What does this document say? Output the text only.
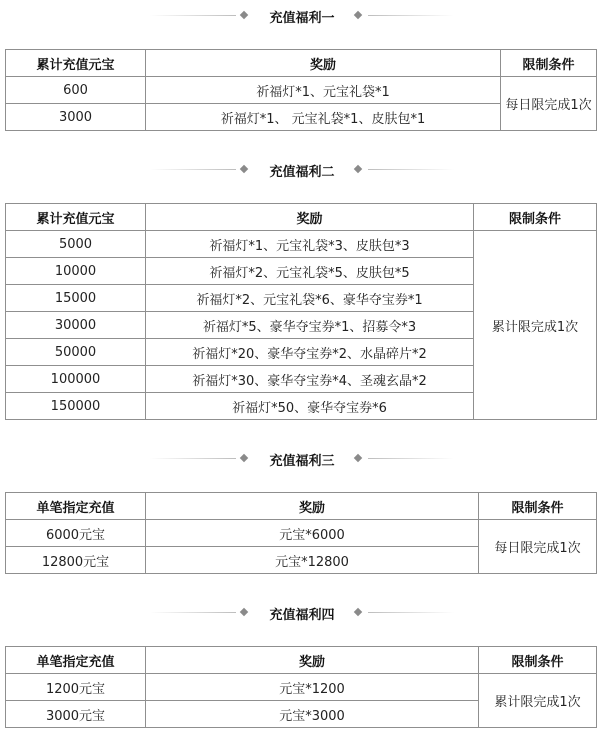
充值福利一
累计充值元宝	奖励	限制条件
600	祈福灯*1、元宝礼袋*1	每日限完成1次
3000	祈福灯*1、 元宝礼袋*1、皮肤包*1	
充值福利二
累计充值元宝	奖励	限制条件
5000	祈福灯*1、元宝礼袋*3、皮肤包*3	累计限完成1次
10000	祈福灯*2、元宝礼袋*5、皮肤包*5	
15000	祈福灯*2、元宝礼袋*6、豪华夺宝券*1	
30000	祈福灯*5、豪华夺宝券*1、招募令*3	
50000	祈福灯*20、豪华夺宝券*2、水晶碎片*2	
100000	祈福灯*30、豪华夺宝券*4、圣魂玄晶*2	
150000	祈福灯*50、豪华夺宝券*6	
充值福利三
单笔指定充值	奖励	限制条件
6000元宝	元宝*6000	每日限完成1次
12800元宝	元宝*12800	
充值福利四
单笔指定充值	奖励	限制条件
1200元宝	元宝*1200	累计限完成1次
3000元宝	元宝*3000	
